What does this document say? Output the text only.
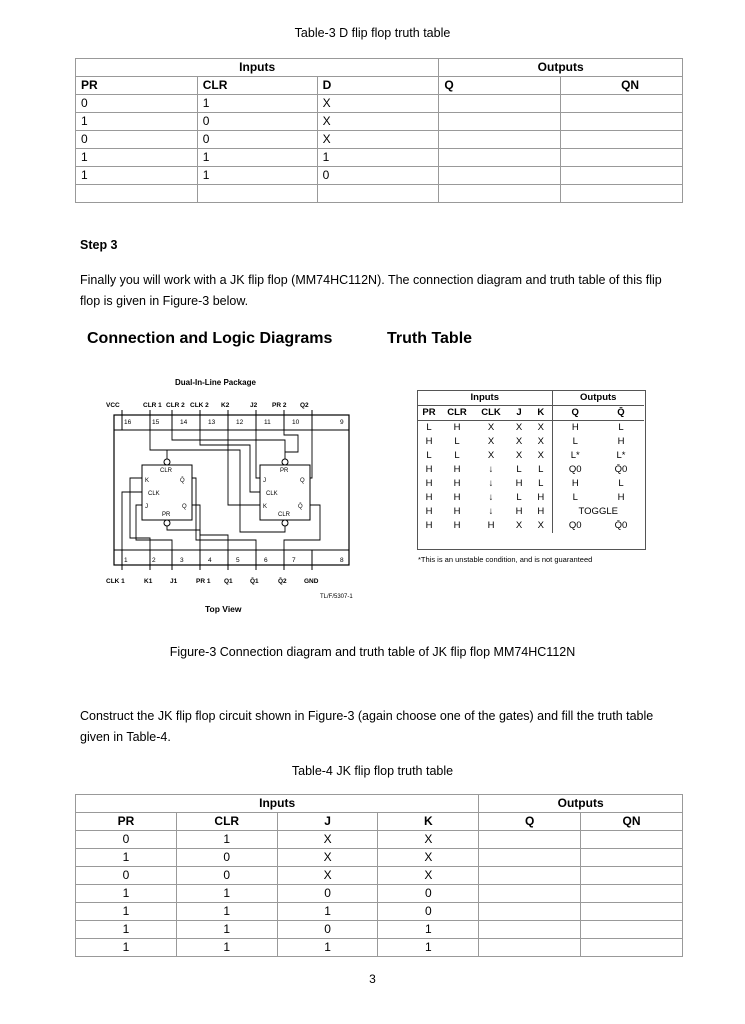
Table-3 D flip flop truth table
Inputs			Outputs	
PR	CLR	D	Q	QN
0	1	X		
1	0	X		
0	0	X		
1	1	1		
1	1	0		

Step 3
Finally you will work with a JK flip flop (MM74HC112N). The connection diagram and truth table of this flip flop is given in Figure-3 below.
Connection and Logic Diagrams	Truth Table
Dual-In-Line Package
VCC	CLR 1 CLR 2 CLK 2 K2	J2 PR 2 Q2
16	15	14	13	12	11	10	9
1	2	3	4	5	6	7	8
CLR
K	Q̄
CLK
J	Q
PR
PR
J	Q
CLK
K	Q̄
CLR
CLK 1	K1	J1	PR 1 Q1	Q̄1	Q̄2	GND
TL/F/5307-1
Top View
Inputs					Outputs	
PR	CLR	CLK	J	K	Q	Q̄
L	H	X	X	X	H	L
H	L	X	X	X	L	H
L	L	X	X	X	L*	L*
H	H	↓	L	L	Q0	Q̄0
H	H	↓	H	L	H	L
H	H	↓	L	H	L	H
H	H	↓	H	H	TOGGLE	
H	H	H	X	X	Q0	Q̄0
*This is an unstable condition, and is not guaranteed
Figure-3 Connection diagram and truth table of JK flip flop MM74HC112N
Construct the JK flip flop circuit shown in Figure-3 (again choose one of the gates) and fill the truth table given in Table-4.
Table-4 JK flip flop truth table
Inputs				Outputs	
PR	CLR	J	K	Q	QN
0	1	X	X		
1	0	X	X		
0	0	X	X		
1	1	0	0		
1	1	1	0		
1	1	0	1		
1	1	1	1		
3
